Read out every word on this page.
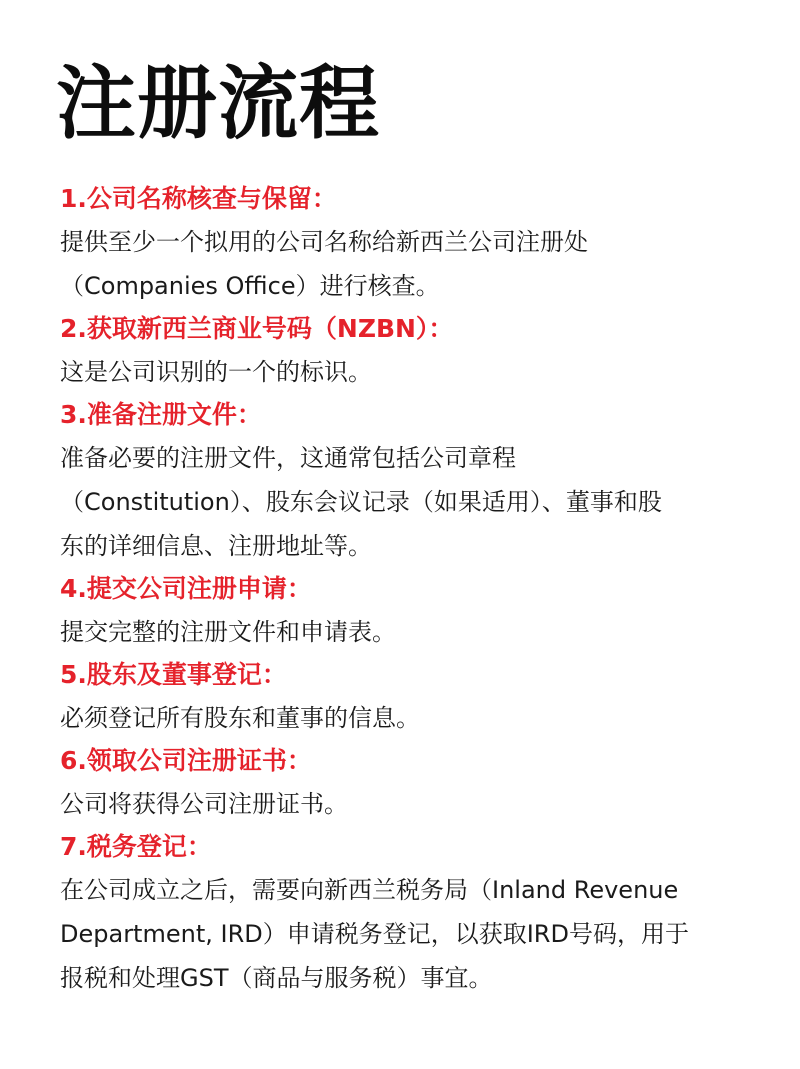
注册流程
1.公司名称核查与保留：
提供至少一个拟用的公司名称给新西兰公司注册处
（Companies Office）进行核查。
2.获取新西兰商业号码（NZBN）：
这是公司识别的一个的标识。
3.准备注册文件：
准备必要的注册文件，这通常包括公司章程
（Constitution）、股东会议记录（如果适用）、董事和股
东的详细信息、注册地址等。
4.提交公司注册申请：
提交完整的注册文件和申请表。
5.股东及董事登记：
必须登记所有股东和董事的信息。
6.领取公司注册证书：
公司将获得公司注册证书。
7.税务登记：
在公司成立之后，需要向新西兰税务局（Inland Revenue
Department, IRD）申请税务登记，以获取IRD号码，用于
报税和处理GST（商品与服务税）事宜。
